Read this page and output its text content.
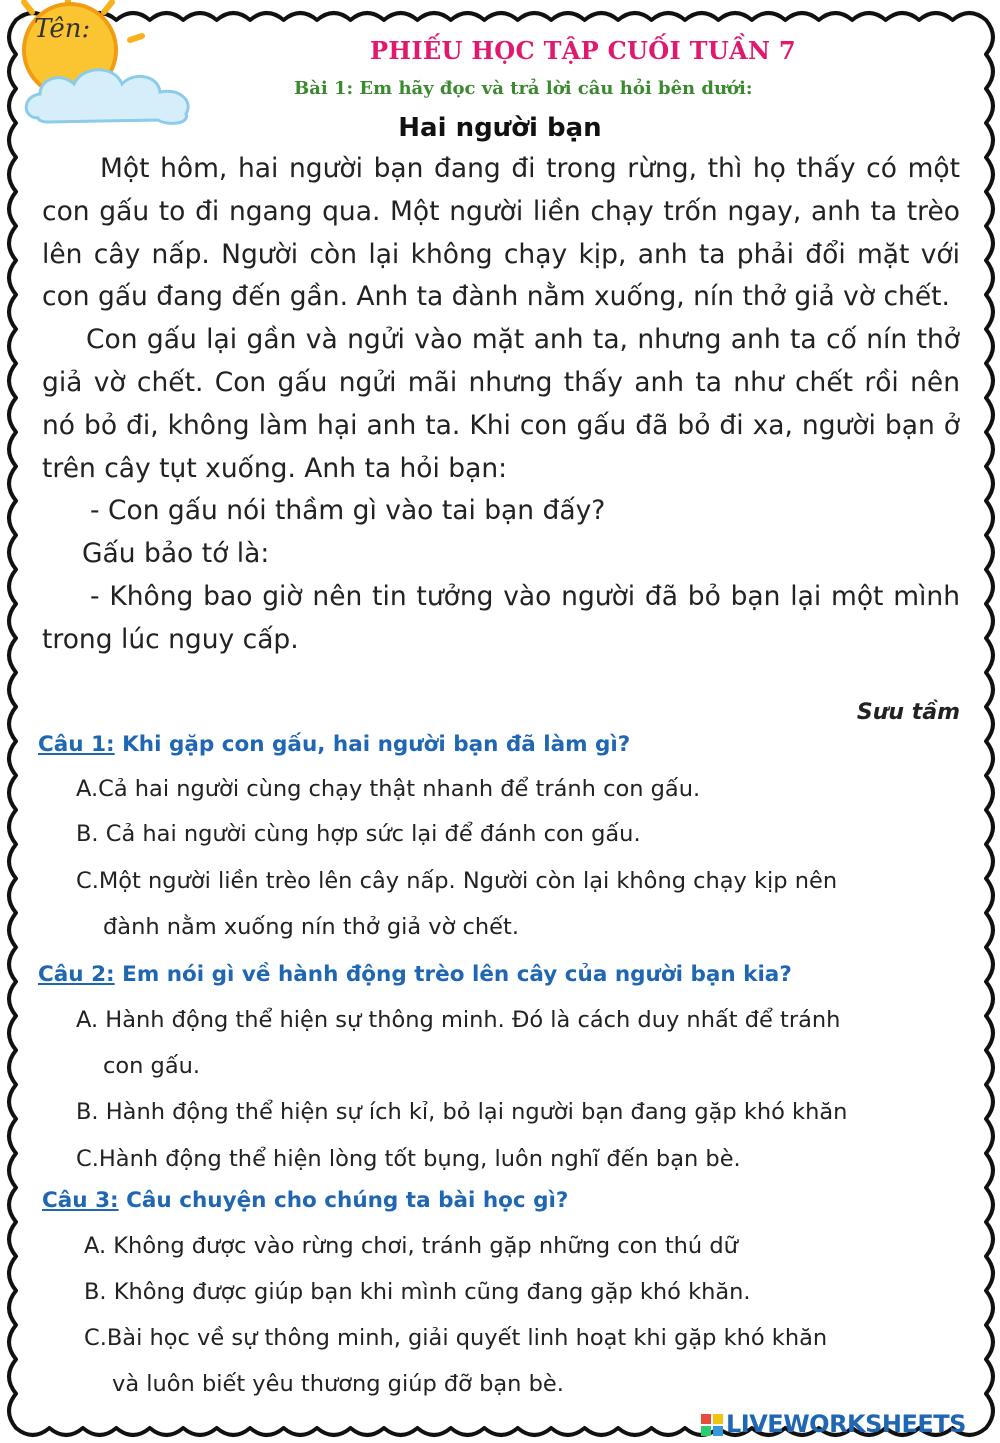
Tên:
PHIẾU HỌC TẬP CUỐI TUẦN 7
Bài 1: Em hãy đọc và trả lời câu hỏi bên dưới:
Hai người bạn

Một hôm, hai người bạn đang đi trong rừng, thì họ thấy có một con gấu to đi ngang qua. Một người liền chạy trốn ngay, anh ta trèo lên cây nấp. Người còn lại không chạy kịp, anh ta phải đổi mặt với con gấu đang đến gần. Anh ta đành nằm xuống, nín thở giả vờ chết.

Con gấu lại gần và ngửi vào mặt anh ta, nhưng anh ta cố nín thở giả vờ chết. Con gấu ngửi mãi nhưng thấy anh ta như chết rồi nên nó bỏ đi, không làm hại anh ta. Khi con gấu đã bỏ đi xa, người bạn ở trên cây tụt xuống. Anh ta hỏi bạn:

- Con gấu nói thầm gì vào tai bạn đấy?

Gấu bảo tớ là:

- Không bao giờ nên tin tưởng vào người đã bỏ bạn lại một mình trong lúc nguy cấp.

Sưu tầm
Câu 1: Khi gặp con gấu, hai người bạn đã làm gì?
A.Cả hai người cùng chạy thật nhanh để tránh con gấu.
B. Cả hai người cùng hợp sức lại để đánh con gấu.
C.Một người liền trèo lên cây nấp. Người còn lại không chạy kịp nên
đành nằm xuống nín thở giả vờ chết.
Câu 2: Em nói gì về hành động trèo lên cây của người bạn kia?
A. Hành động thể hiện sự thông minh. Đó là cách duy nhất để tránh
con gấu.
B. Hành động thể hiện sự ích kỉ, bỏ lại người bạn đang gặp khó khăn
C.Hành động thể hiện lòng tốt bụng, luôn nghĩ đến bạn bè.
Câu 3: Câu chuyện cho chúng ta bài học gì?
A. Không được vào rừng chơi, tránh gặp những con thú dữ
B. Không được giúp bạn khi mình cũng đang gặp khó khăn.
C.Bài học về sự thông minh, giải quyết linh hoạt khi gặp khó khăn
và luôn biết yêu thương giúp đỡ bạn bè.
LIVEWORKSHEETS
